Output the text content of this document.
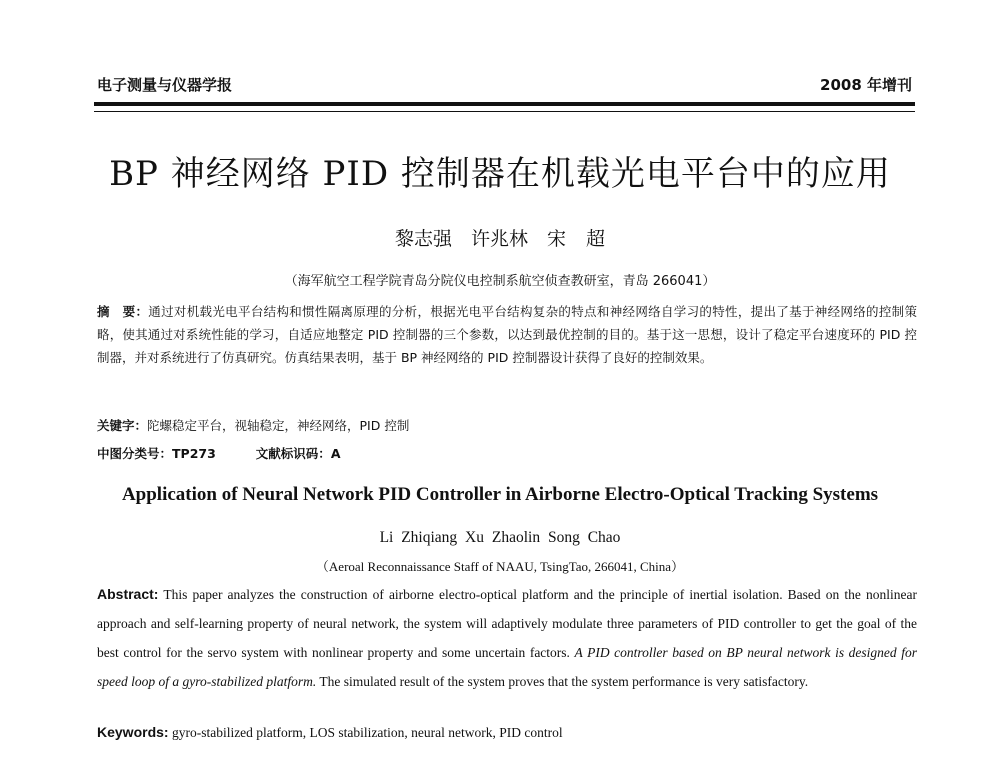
电子测量与仪器学报	2008 年增刊
BP 神经网络 PID 控制器在机载光电平台中的应用
黎志强　许兆林　宋 超
（海军航空工程学院青岛分院仪电控制系航空侦查教研室，青岛 266041）
摘　要：通过对机载光电平台结构和惯性隔离原理的分析，根据光电平台结构复杂的特点和神经网络自学习的特性，提出了基于神经网络的控制策略，使其通过对系统性能的学习，自适应地整定 PID 控制器的三个参数，以达到最优控制的目的。基于这一思想，设计了稳定平台速度环的 PID 控制器，并对系统进行了仿真研究。仿真结果表明，基于 BP 神经网络的 PID 控制器设计获得了良好的控制效果。
关键字：陀螺稳定平台，视轴稳定，神经网络，PID 控制
中图分类号：TP273	文献标识码：A
Application of Neural Network PID Controller in Airborne Electro-Optical Tracking Systems
Li Zhiqiang Xu Zhaolin Song Chao
（Aeroal Reconnaissance Staff of NAAU, TsingTao, 266041, China）
Abstract: This paper analyzes the construction of airborne electro-optical platform and the principle of inertial isolation. Based on the nonlinear approach and self-learning property of neural network, the system will adaptively modulate three parameters of PID controller to get the goal of the best control for the servo system with nonlinear property and some uncertain factors. A PID controller based on BP neural network is designed for speed loop of a gyro-stabilized platform. The simulated result of the system proves that the system performance is very satisfactory.
Keywords: gyro-stabilized platform, LOS stabilization, neural network, PID control
